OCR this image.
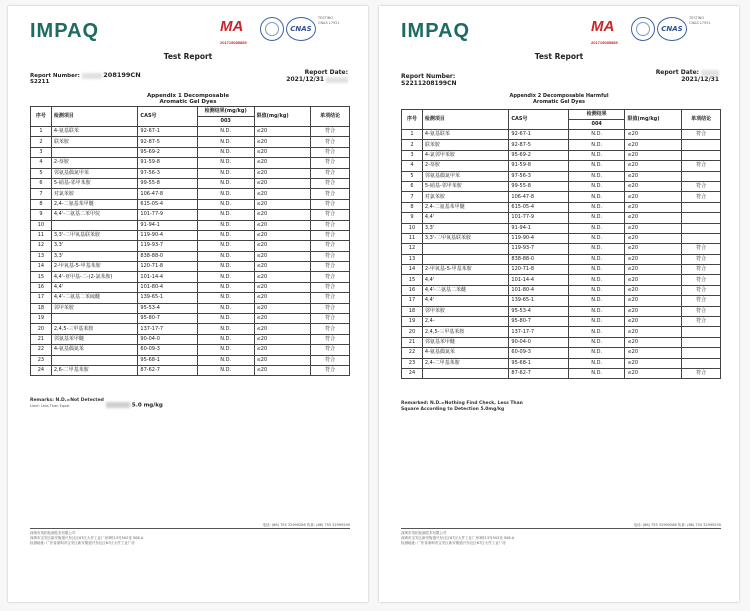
IMPAQ	MA
201719085889
CNAS
TESTING
CNAS L7921
Test Report
Report Number:	208199CN
S2211
Report Date:
2021/12/31
Appendix 1 Decomposable
Aromatic Gel Dyes
序号	检测项目	CAS号	检测结果(mg/kg)	限值(mg/kg)	单项结论
			003		
1	4-氨基联苯	92-67-1	N.D.	≤20	符合
2	联苯胺	92-87-5	N.D.	≤20	符合
3		95-69-2	N.D.	≤20	符合
4	2-萘胺	91-59-8	N.D.	≤20	符合
5	邻氨基偶氮甲苯	97-56-3	N.D.	≤20	符合
6	5-硝基-邻甲苯胺	99-55-8	N.D.	≤20	符合
7	对氯苯胺	106-47-8	N.D.	≤20	符合
8	2,4-二氨基苯甲醚	615-05-4	N.D.	≤20	符合
9	4,4'-二氨基二苯甲烷	101-77-9	N.D.	≤20	符合
10		91-94-1	N.D.	≤20	符合
11	3,3'-二甲氧基联苯胺	119-90-4	N.D.	≤20	符合
12	3,3'	119-93-7	N.D.	≤20	符合
13	3,3'	838-88-0	N.D.	≤20	符合
14	2-甲氧基-5-甲基苯胺	120-71-8	N.D.	≤20	符合
15	4,4'-亚甲基-二-(2-氯苯胺)	101-14-4	N.D.	≤20	符合
16	4,4'	101-80-4	N.D.	≤20	符合
17	4,4'-二氨基二苯硫醚	139-65-1	N.D.	≤20	符合
18	邻甲苯胺	95-53-4	N.D.	≤20	符合
19		95-80-7	N.D.	≤20	符合
20	2,4,5-三甲基苯胺	137-17-7	N.D.	≤20	符合
21	邻氨基苯甲醚	90-04-0	N.D.	≤20	符合
22	4-氨基偶氮苯	60-09-3	N.D.	≤20	符合
23		95-68-1	N.D.	≤20	符合
24	2,6-二甲基苯胺	87-62-7	N.D.	≤20	符合
Remarks: N.D.=Not Detected
Limit: Less Than Equal	5.0 mg/kg
电话: (86) 755 32999286 传真: (86) 755 32999290
深圳市英柏检测技术有限公司
深圳市宝安区新安街道兴东社区67区大仟工业厂房3栋13号502室 508-A
检测地址: 广东省深圳市宝安区新安街道兴东社区67区大仟工业厂房
IMPAQ	MA
201719085889
CNAS
TESTING
CNAS L7921
Test Report
Report Number:
S2211208199CN
Report Date:
2021/12/31
Appendix 2 Decomposable Harmful
Aromatic Gel Dyes
序号	检测项目	CAS号	检测结果	限值(mg/kg)	单项结论
			004		
1	4-氨基联苯	92-67-1	N.D.	≤20	符合
2	联苯胺	92-87-5	N.D.	≤20	
3	4-氯邻甲苯胺	95-69-2	N.D.	≤20	
4	2-萘胺	91-59-8	N.D.	≤20	符合
5	邻氨基偶氮甲苯	97-56-3	N.D.	≤20	
6	5-硝基-邻甲苯胺	99-55-8	N.D.	≤20	符合
7	对氯苯胺	106-47-8	N.D.	≤20	符合
8	2,4-二氨基苯甲醚	615-05-4	N.D.	≤20	
9	4,4'	101-77-9	N.D.	≤20	
10	3,3'	91-94-1	N.D.	≤20	
11	3,3'-二甲氧基联苯胺	119-90-4	N.D.	≤20	
12		119-93-7	N.D.	≤20	符合
13		838-88-0	N.D.	≤20	符合
14	2-甲氧基-5-甲基苯胺	120-71-8	N.D.	≤20	符合
15	4,4'	101-14-4	N.D.	≤20	符合
16	4,4'-二氨基二苯醚	101-80-4	N.D.	≤20	符合
17	4,4'	139-65-1	N.D.	≤20	符合
18	邻甲苯胺	95-53-4	N.D.	≤20	符合
19	2,4-	95-80-7	N.D.	≤20	符合
20	2,4,5-三甲基苯胺	137-17-7	N.D.	≤20	
21	邻氨基苯甲醚	90-04-0	N.D.	≤20	
22	4-氨基偶氮苯	60-09-3	N.D.	≤20	
23	2,4-二甲基苯胺	95-68-1	N.D.	≤20	
24		87-62-7	N.D.	≤20	符合
Remarked: N.D.=Nothing Find Check, Less Than
Square According to Detection 5.0mg/kg
电话: (86) 755 32999286 传真: (86) 755 32999290
深圳市英柏检测技术有限公司
深圳市宝安区新安街道兴东社区67区大仟工业厂房3栋13号502室 508-A
检测地址: 广东省深圳市宝安区新安街道兴东社区67区大仟工业厂房
